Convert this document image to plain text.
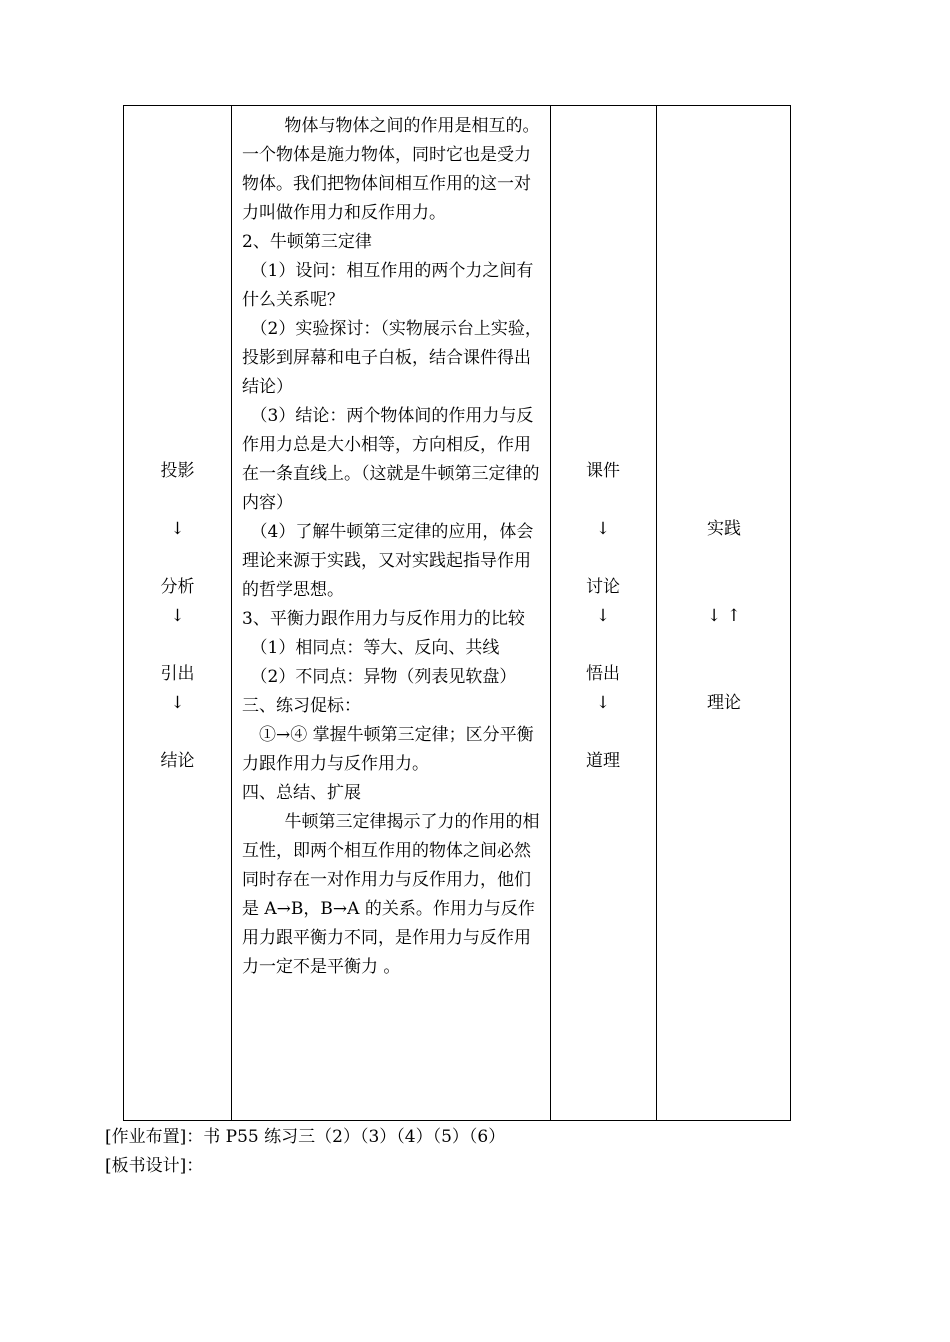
投影
↓
分析
↓
引出
↓
结论

物体与物体之间的作用是相互的。一个物体是施力物体，同时它也是受力物体。我们把物体间相互作用的这一对力叫做作用力和反作用力。

2、牛顿第三定律

（1）设问：相互作用的两个力之间有什么关系呢？

（2）实验探讨：（实物展示台上实验，投影到屏幕和电子白板，结合课件得出结论）

（3）结论：两个物体间的作用力与反作用力总是大小相等，方向相反，作用在一条直线上。（这就是牛顿第三定律的内容）

（4）了解牛顿第三定律的应用，体会理论来源于实践，又对实践起指导作用的哲学思想。

3、平衡力跟作用力与反作用力的比较

（1）相同点：等大、反向、共线

（2）不同点：异物（列表见软盘）

三、练习促标：

①→④ 掌握牛顿第三定律；区分平衡力跟作用力与反作用力。

四、总结、扩展

牛顿第三定律揭示了力的作用的相互性，即两个相互作用的物体之间必然同时存在一对作用力与反作用力，他们是 A→B，B→A 的关系。作用力与反作用力跟平衡力不同，是作用力与反作用力一定不是平衡力 。

课件
↓
讨论
↓
悟出
↓
道理
实践
↓ ↑
理论
[作业布置]：书 P55 练习三（2）（3）（4）（5）（6）
[板书设计]：
